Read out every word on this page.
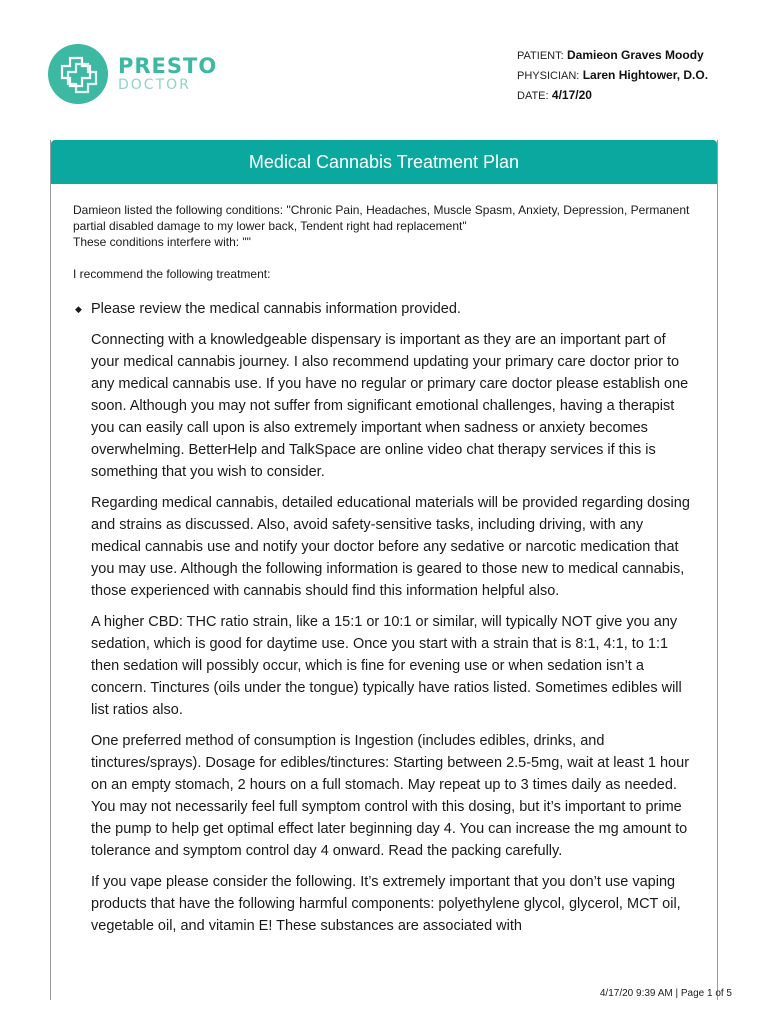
PRESTO
DOCTOR
PATIENT: Damieon Graves Moody
PHYSICIAN: Laren Hightower, D.O.
DATE: 4/17/20
Medical Cannabis Treatment Plan
Damieon listed the following conditions: "Chronic Pain, Headaches, Muscle Spasm, Anxiety, Depression, Permanent partial disabled damage to my lower back, Tendent right had replacement"
These conditions interfere with: ""
I recommend the following treatment:
◆ Please review the medical cannabis information provided.

Connecting with a knowledgeable dispensary is important as they are an important part of your medical cannabis journey. I also recommend updating your primary care doctor prior to any medical cannabis use. If you have no regular or primary care doctor please establish one soon. Although you may not suffer from significant emotional challenges, having a therapist you can easily call upon is also extremely important when sadness or anxiety becomes overwhelming. BetterHelp and TalkSpace are online video chat therapy services if this is something that you wish to consider.

Regarding medical cannabis, detailed educational materials will be provided regarding dosing and strains as discussed. Also, avoid safety-sensitive tasks, including driving, with any medical cannabis use and notify your doctor before any sedative or narcotic medication that you may use. Although the following information is geared to those new to medical cannabis, those experienced with cannabis should find this information helpful also.

A higher CBD: THC ratio strain, like a 15:1 or 10:1 or similar, will typically NOT give you any sedation, which is good for daytime use. Once you start with a strain that is 8:1, 4:1, to 1:1 then sedation will possibly occur, which is fine for evening use or when sedation isn’t a concern. Tinctures (oils under the tongue) typically have ratios listed. Sometimes edibles will list ratios also.

One preferred method of consumption is Ingestion (includes edibles, drinks, and tinctures/sprays). Dosage for edibles/tinctures: Starting between 2.5-5mg, wait at least 1 hour on an empty stomach, 2 hours on a full stomach. May repeat up to 3 times daily as needed. You may not necessarily feel full symptom control with this dosing, but it’s important to prime the pump to help get optimal effect later beginning day 4. You can increase the mg amount to tolerance and symptom control day 4 onward. Read the packing carefully.

If you vape please consider the following. It’s extremely important that you don’t use vaping products that have the following harmful components: polyethylene glycol, glycerol, MCT oil, vegetable oil, and vitamin E! These substances are associated with

4/17/20 9:39 AM | Page 1 of 5
